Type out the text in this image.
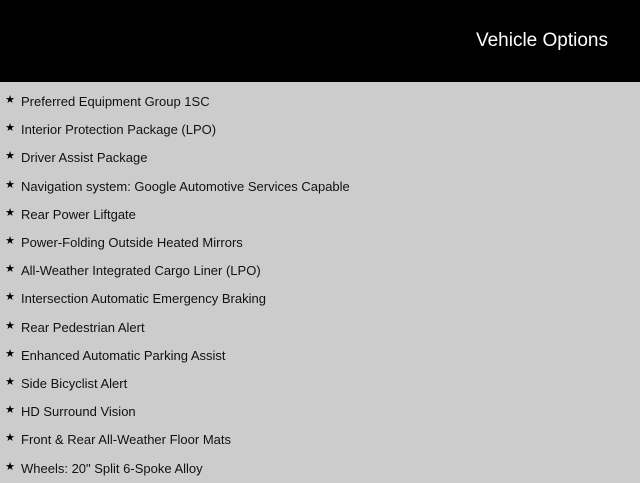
Vehicle Options
★ Preferred Equipment Group 1SC
★ Interior Protection Package (LPO)
★ Driver Assist Package
★ Navigation system: Google Automotive Services Capable
★ Rear Power Liftgate
★ Power-Folding Outside Heated Mirrors
★ All-Weather Integrated Cargo Liner (LPO)
★ Intersection Automatic Emergency Braking
★ Rear Pedestrian Alert
★ Enhanced Automatic Parking Assist
★ Side Bicyclist Alert
★ HD Surround Vision
★ Front & Rear All-Weather Floor Mats
★ Wheels: 20" Split 6-Spoke Alloy
